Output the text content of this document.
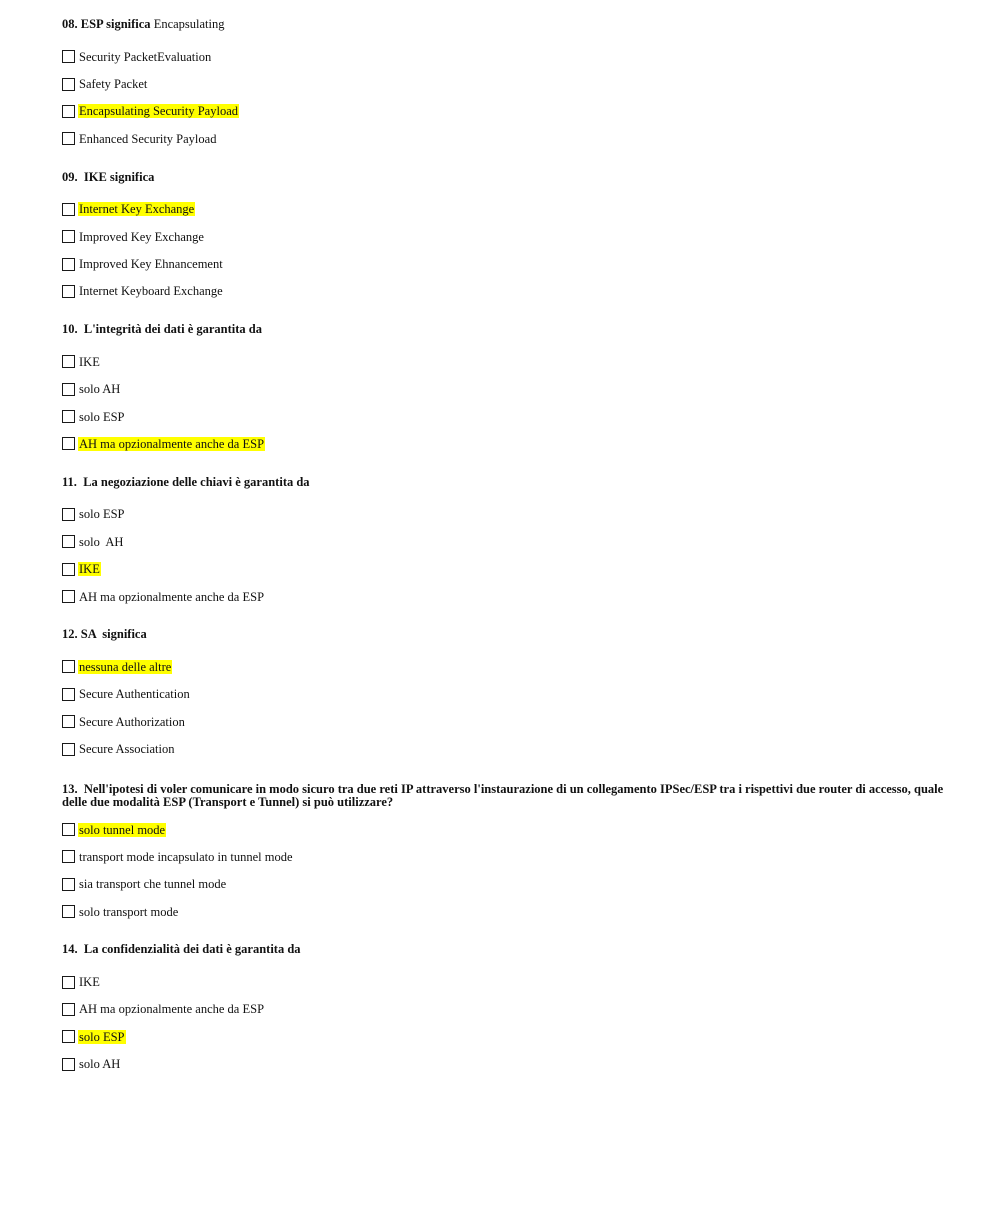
08. ESP significa Encapsulating
Security PacketEvaluation
Safety Packet
Encapsulating Security Payload
Enhanced Security Payload
09. IKE significa
Internet Key Exchange
Improved Key Exchange
Improved Key Ehnancement
Internet Keyboard Exchange
10. L'integrità dei dati è garantita da
IKE
solo AH
solo ESP
AH ma opzionalmente anche da ESP
11. La negoziazione delle chiavi è garantita da
solo ESP
solo  AH
IKE
AH ma opzionalmente anche da ESP
12. SA  significa
nessuna delle altre
Secure Authentication
Secure Authorization
Secure Association
13. Nell'ipotesi di voler comunicare in modo sicuro tra due reti IP attraverso l'instaurazione di un collegamento IPSec/ESP tra i rispettivi due router di accesso, quale delle due modalità ESP (Transport e Tunnel) si può utilizzare?
solo tunnel mode
transport mode incapsulato in tunnel mode
sia transport che tunnel mode
solo transport mode
14. La confidenzialità dei dati è garantita da
IKE
AH ma opzionalmente anche da ESP
solo ESP
solo AH
